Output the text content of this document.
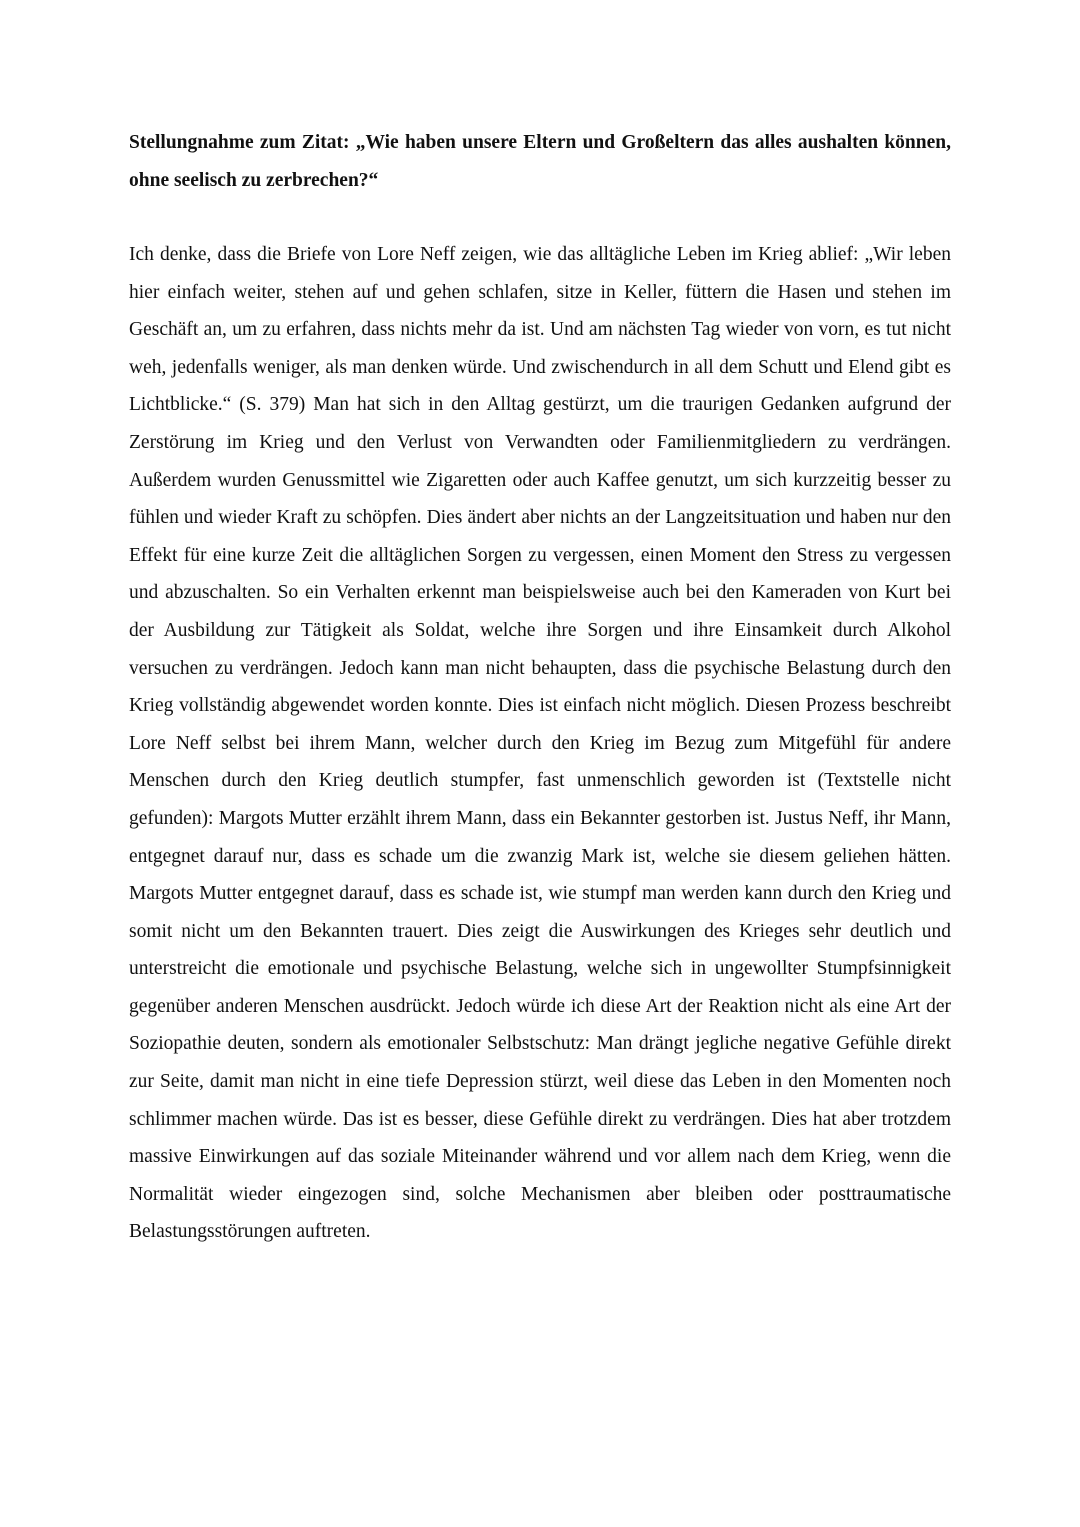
Stellungnahme zum Zitat: „Wie haben unsere Eltern und Großeltern das alles aushalten können, ohne seelisch zu zerbrechen?“

Ich denke, dass die Briefe von Lore Neff zeigen, wie das alltägliche Leben im Krieg ablief: „Wir leben hier einfach weiter, stehen auf und gehen schlafen, sitze in Keller, füttern die Hasen und stehen im Geschäft an, um zu erfahren, dass nichts mehr da ist. Und am nächsten Tag wieder von vorn, es tut nicht weh, jedenfalls weniger, als man denken würde. Und zwischendurch in all dem Schutt und Elend gibt es Lichtblicke.“ (S. 379) Man hat sich in den Alltag gestürzt, um die traurigen Gedanken aufgrund der Zerstörung im Krieg und den Verlust von Verwandten oder Familienmitgliedern zu verdrängen. Außerdem wurden Genussmittel wie Zigaretten oder auch Kaffee genutzt, um sich kurzzeitig besser zu fühlen und wieder Kraft zu schöpfen. Dies ändert aber nichts an der Langzeitsituation und haben nur den Effekt für eine kurze Zeit die alltäglichen Sorgen zu vergessen, einen Moment den Stress zu vergessen und abzuschalten. So ein Verhalten erkennt man beispielsweise auch bei den Kameraden von Kurt bei der Ausbildung zur Tätigkeit als Soldat, welche ihre Sorgen und ihre Einsamkeit durch Alkohol versuchen zu verdrängen. Jedoch kann man nicht behaupten, dass die psychische Belastung durch den Krieg vollständig abgewendet worden konnte. Dies ist einfach nicht möglich. Diesen Prozess beschreibt Lore Neff selbst bei ihrem Mann, welcher durch den Krieg im Bezug zum Mitgefühl für andere Menschen durch den Krieg deutlich stumpfer, fast unmenschlich geworden ist (Textstelle nicht gefunden): Margots Mutter erzählt ihrem Mann, dass ein Bekannter gestorben ist. Justus Neff, ihr Mann, entgegnet darauf nur, dass es schade um die zwanzig Mark ist, welche sie diesem geliehen hätten. Margots Mutter entgegnet darauf, dass es schade ist, wie stumpf man werden kann durch den Krieg und somit nicht um den Bekannten trauert. Dies zeigt die Auswirkungen des Krieges sehr deutlich und unterstreicht die emotionale und psychische Belastung, welche sich in ungewollter Stumpfsinnigkeit gegenüber anderen Menschen ausdrückt. Jedoch würde ich diese Art der Reaktion nicht als eine Art der Soziopathie deuten, sondern als emotionaler Selbstschutz: Man drängt jegliche negative Gefühle direkt zur Seite, damit man nicht in eine tiefe Depression stürzt, weil diese das Leben in den Momenten noch schlimmer machen würde. Das ist es besser, diese Gefühle direkt zu verdrängen. Dies hat aber trotzdem massive Einwirkungen auf das soziale Miteinander während und vor allem nach dem Krieg, wenn die Normalität wieder eingezogen sind, solche Mechanismen aber bleiben oder posttraumatische Belastungsstörungen auftreten.
